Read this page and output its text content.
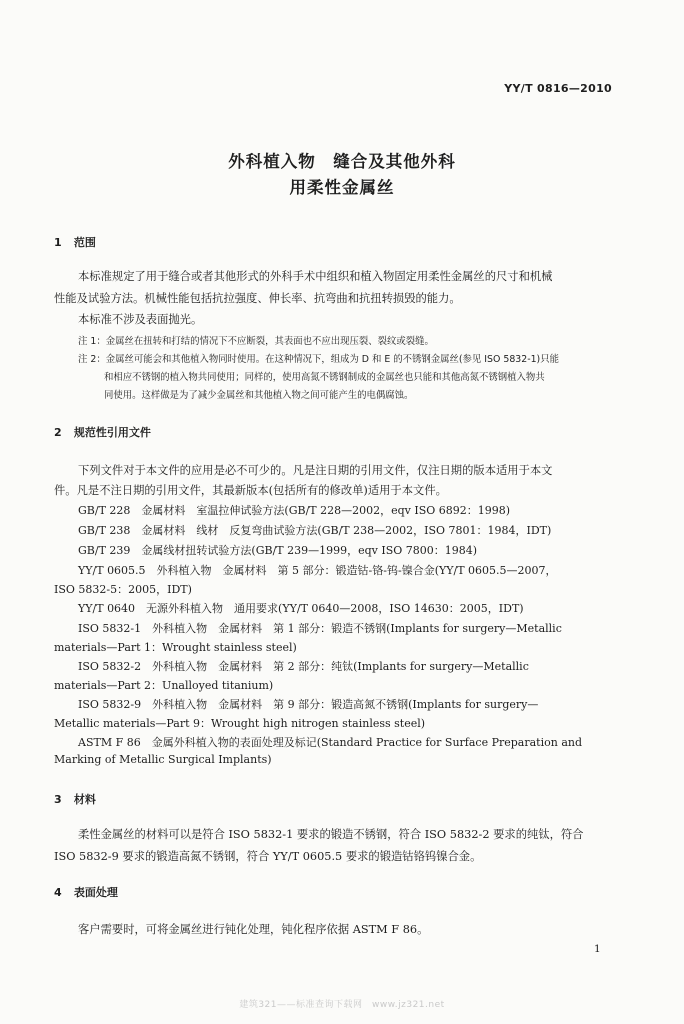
YY/T 0816—2010
外科植入物　缝合及其他外科
用柔性金属丝
1 范围
本标准规定了用于缝合或者其他形式的外科手术中组织和植入物固定用柔性金属丝的尺寸和机械
性能及试验方法。机械性能包括抗拉强度、伸长率、抗弯曲和抗扭转损毁的能力。
本标准不涉及表面抛光。
注 1：金属丝在扭转和打结的情况下不应断裂，其表面也不应出现压裂、裂纹或裂缝。
注 2：金属丝可能会和其他植入物同时使用。在这种情况下，组成为 D 和 E 的不锈钢金属丝(参见 ISO 5832-1)只能
和相应不锈钢的植入物共同使用；同样的，使用高氮不锈钢制成的金属丝也只能和其他高氮不锈钢植入物共
同使用。这样做是为了减少金属丝和其他植入物之间可能产生的电偶腐蚀。
2 规范性引用文件
下列文件对于本文件的应用是必不可少的。凡是注日期的引用文件，仅注日期的版本适用于本文
件。凡是不注日期的引用文件，其最新版本(包括所有的修改单)适用于本文件。
GB/T 228　金属材料　室温拉伸试验方法(GB/T 228—2002，eqv ISO 6892：1998)
GB/T 238　金属材料　线材　反复弯曲试验方法(GB/T 238—2002，ISO 7801：1984，IDT)
GB/T 239　金属线材扭转试验方法(GB/T 239—1999，eqv ISO 7800：1984)
YY/T 0605.5　外科植入物　金属材料　第 5 部分：锻造钴-铬-钨-镍合金(YY/T 0605.5—2007，
ISO 5832-5：2005，IDT)
YY/T 0640　无源外科植入物　通用要求(YY/T 0640—2008，ISO 14630：2005，IDT)
ISO 5832-1　外科植入物　金属材料　第 1 部分：锻造不锈钢(Implants for surgery—Metallic
materials—Part 1：Wrought stainless steel)
ISO 5832-2　外科植入物　金属材料　第 2 部分：纯钛(Implants for surgery—Metallic
materials—Part 2：Unalloyed titanium)
ISO 5832-9　外科植入物　金属材料　第 9 部分：锻造高氮不锈钢(Implants for surgery—
Metallic materials—Part 9：Wrought high nitrogen stainless steel)
ASTM F 86　金属外科植入物的表面处理及标记(Standard Practice for Surface Preparation and
Marking of Metallic Surgical Implants)
3 材料
柔性金属丝的材料可以是符合 ISO 5832-1 要求的锻造不锈钢，符合 ISO 5832-2 要求的纯钛，符合
ISO 5832-9 要求的锻造高氮不锈钢，符合 YY/T 0605.5 要求的锻造钴铬钨镍合金。
4 表面处理
客户需要时，可将金属丝进行钝化处理，钝化程序依据 ASTM F 86。
1
建筑321——标准查询下载网　www.jz321.net
